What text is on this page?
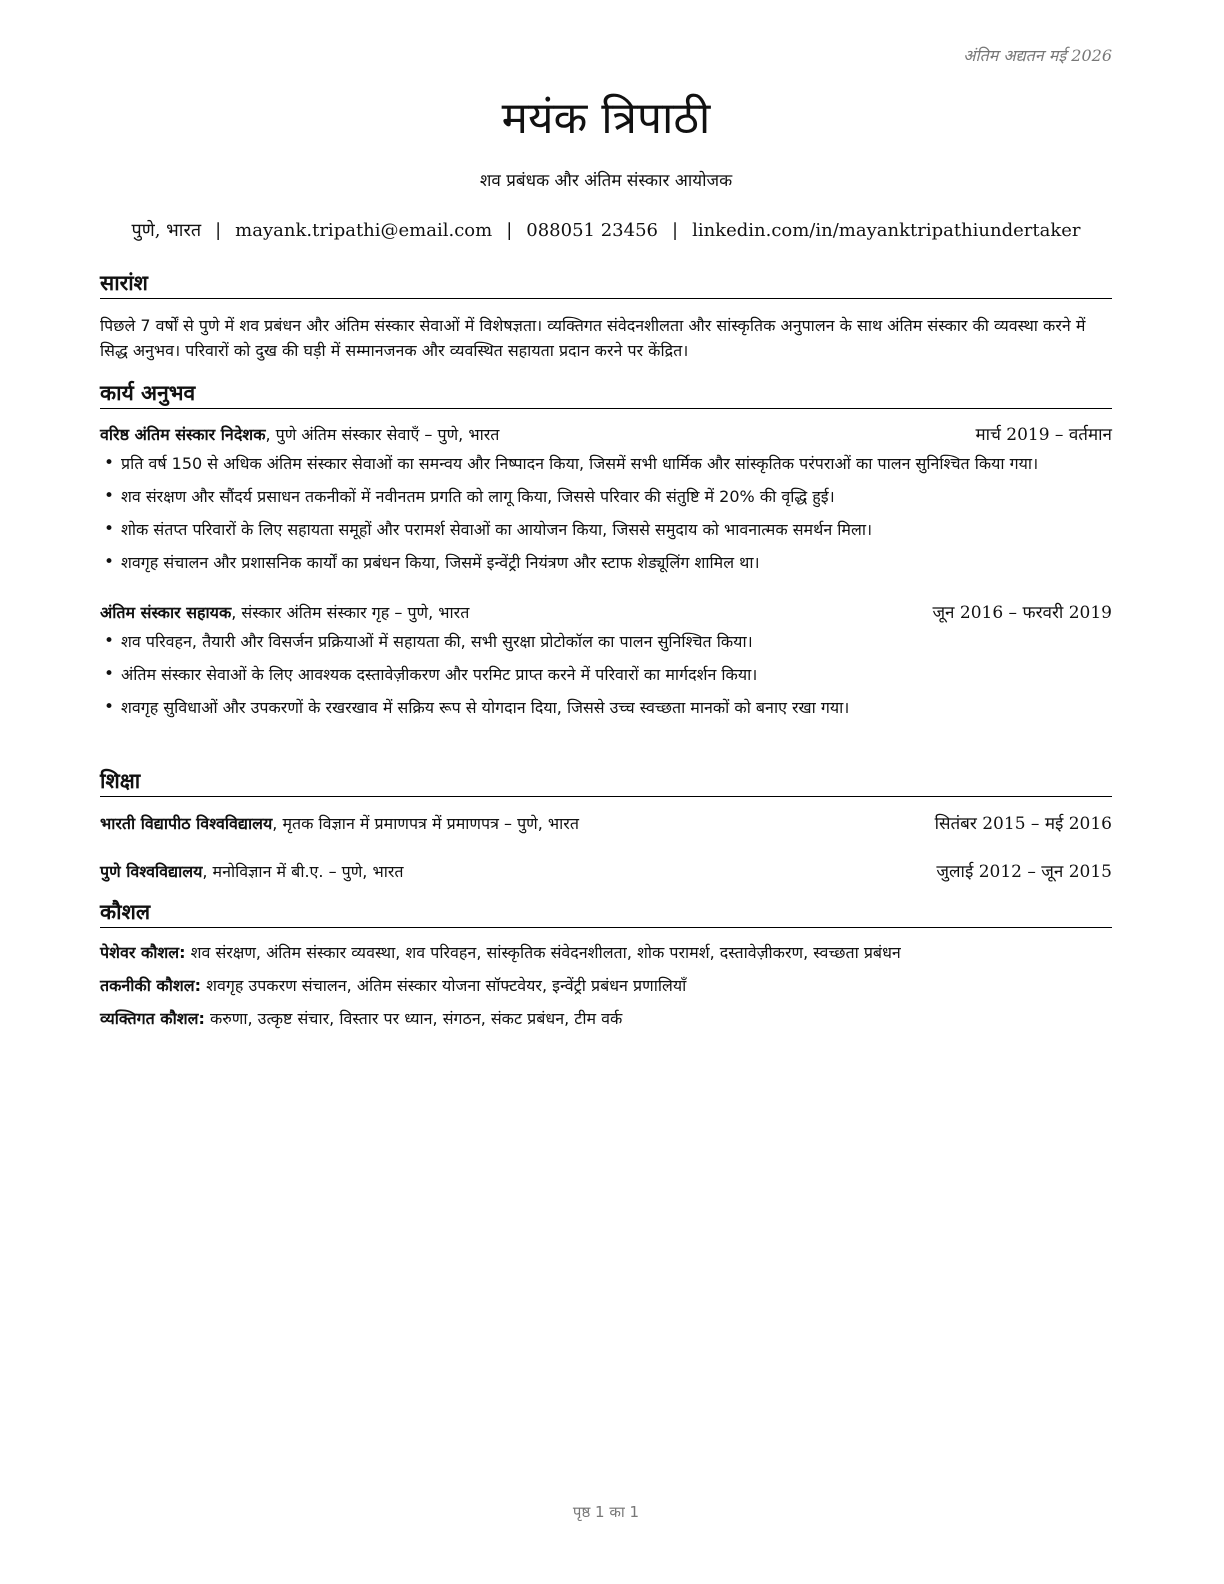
अंतिम अद्यतन मई 2026
मयंक त्रिपाठी
शव प्रबंधक और अंतिम संस्कार आयोजक
पुणे, भारत | mayank.tripathi@email.com | 088051 23456 | linkedin.com/in/mayanktripathiundertaker
सारांश
पिछले 7 वर्षों से पुणे में शव प्रबंधन और अंतिम संस्कार सेवाओं में विशेषज्ञता। व्यक्तिगत संवेदनशीलता और सांस्कृतिक अनुपालन के साथ अंतिम संस्कार की व्यवस्था करने में सिद्ध अनुभव। परिवारों को दुख की घड़ी में सम्मानजनक और व्यवस्थित सहायता प्रदान करने पर केंद्रित।
कार्य अनुभव
वरिष्ठ अंतिम संस्कार निदेशक, पुणे अंतिम संस्कार सेवाएँ – पुणे, भारत	मार्च 2019 – वर्तमान
• प्रति वर्ष 150 से अधिक अंतिम संस्कार सेवाओं का समन्वय और निष्पादन किया, जिसमें सभी धार्मिक और सांस्कृतिक परंपराओं का पालन सुनिश्चित किया गया।
• शव संरक्षण और सौंदर्य प्रसाधन तकनीकों में नवीनतम प्रगति को लागू किया, जिससे परिवार की संतुष्टि में 20% की वृद्धि हुई।
• शोक संतप्त परिवारों के लिए सहायता समूहों और परामर्श सेवाओं का आयोजन किया, जिससे समुदाय को भावनात्मक समर्थन मिला।
• शवगृह संचालन और प्रशासनिक कार्यों का प्रबंधन किया, जिसमें इन्वेंट्री नियंत्रण और स्टाफ शेड्यूलिंग शामिल था।
अंतिम संस्कार सहायक, संस्कार अंतिम संस्कार गृह – पुणे, भारत	जून 2016 – फरवरी 2019
• शव परिवहन, तैयारी और विसर्जन प्रक्रियाओं में सहायता की, सभी सुरक्षा प्रोटोकॉल का पालन सुनिश्चित किया।
• अंतिम संस्कार सेवाओं के लिए आवश्यक दस्तावेज़ीकरण और परमिट प्राप्त करने में परिवारों का मार्गदर्शन किया।
• शवगृह सुविधाओं और उपकरणों के रखरखाव में सक्रिय रूप से योगदान दिया, जिससे उच्च स्वच्छता मानकों को बनाए रखा गया।
शिक्षा
भारती विद्यापीठ विश्वविद्यालय, मृतक विज्ञान में प्रमाणपत्र में प्रमाणपत्र – पुणे, भारत	सितंबर 2015 – मई 2016
पुणे विश्वविद्यालय, मनोविज्ञान में बी.ए. – पुणे, भारत	जुलाई 2012 – जून 2015
कौशल
पेशेवर कौशल: शव संरक्षण, अंतिम संस्कार व्यवस्था, शव परिवहन, सांस्कृतिक संवेदनशीलता, शोक परामर्श, दस्तावेज़ीकरण, स्वच्छता प्रबंधन
तकनीकी कौशल: शवगृह उपकरण संचालन, अंतिम संस्कार योजना सॉफ्टवेयर, इन्वेंट्री प्रबंधन प्रणालियाँ
व्यक्तिगत कौशल: करुणा, उत्कृष्ट संचार, विस्तार पर ध्यान, संगठन, संकट प्रबंधन, टीम वर्क
पृष्ठ 1 का 1
